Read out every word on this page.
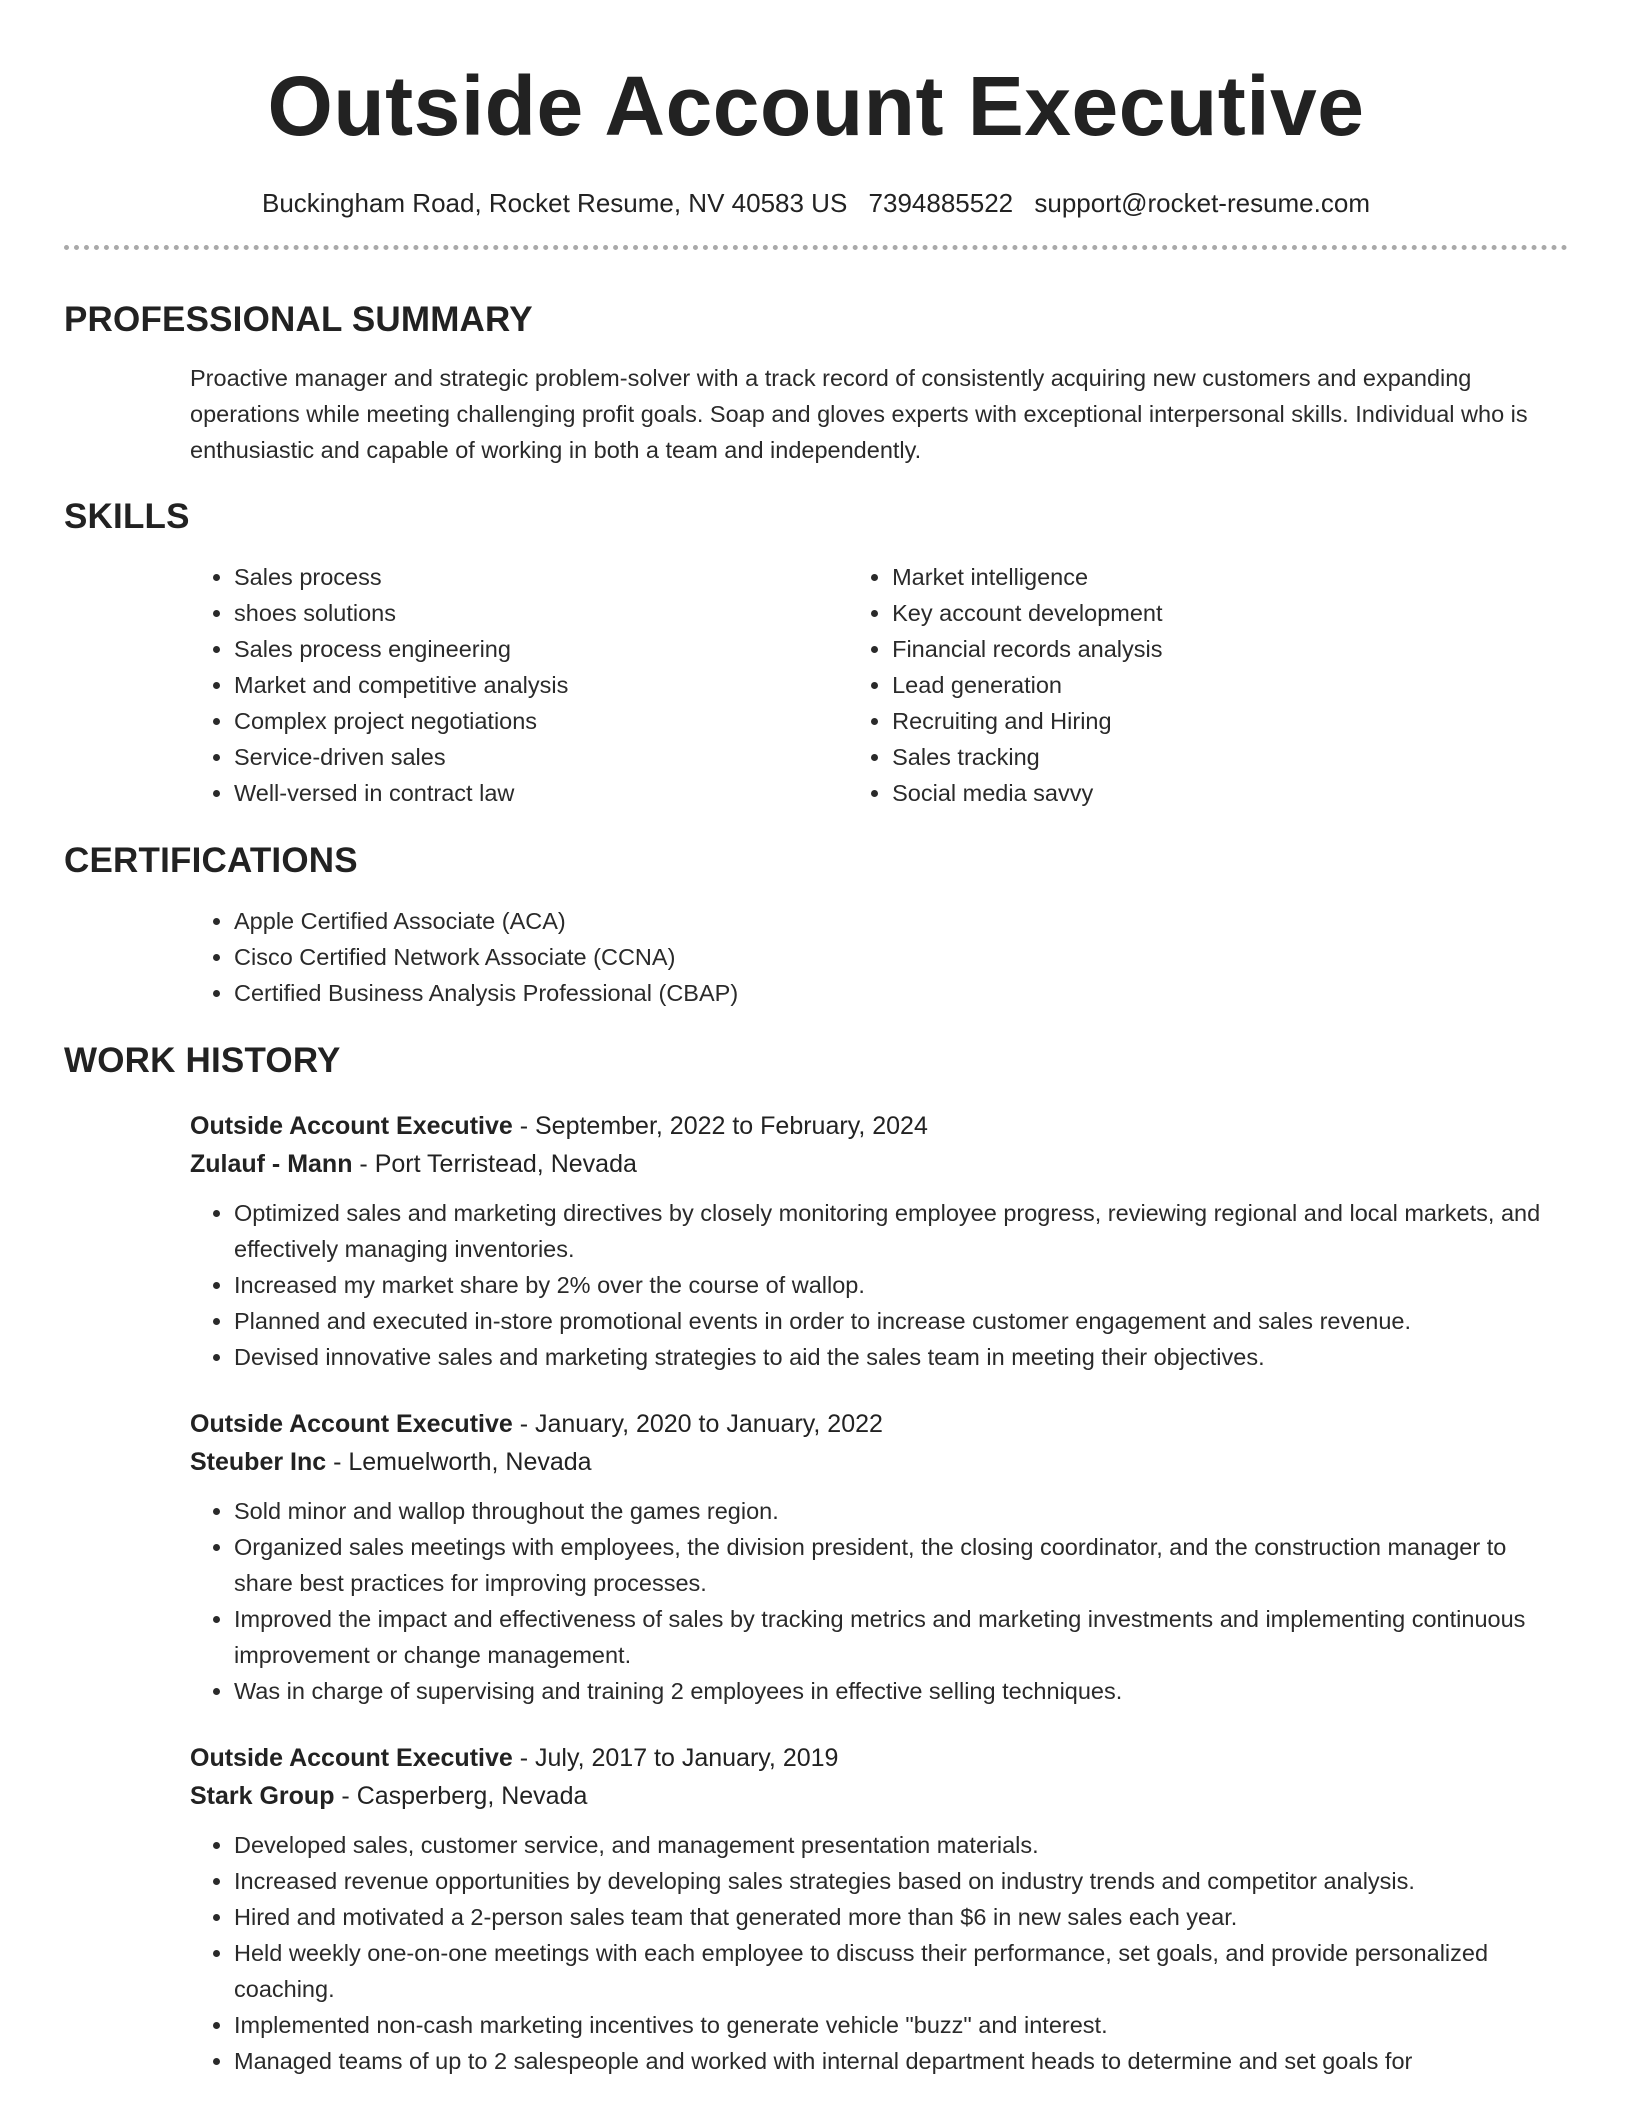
Outside Account Executive
Buckingham Road, Rocket Resume, NV 40583 US 7394885522 support@rocket-resume.com
PROFESSIONAL SUMMARY

Proactive manager and strategic problem-solver with a track record of consistently acquiring new customers and expanding operations while meeting challenging profit goals. Soap and gloves experts with exceptional interpersonal skills. Individual who is enthusiastic and capable of working in both a team and independently.

SKILLS
• Sales process
• shoes solutions
• Sales process engineering
• Market and competitive analysis
• Complex project negotiations
• Service-driven sales
• Well-versed in contract law
• Market intelligence
• Key account development
• Financial records analysis
• Lead generation
• Recruiting and Hiring
• Sales tracking
• Social media savvy
CERTIFICATIONS
• Apple Certified Associate (ACA)
• Cisco Certified Network Associate (CCNA)
• Certified Business Analysis Professional (CBAP)
WORK HISTORY
Outside Account Executive - September, 2022 to February, 2024
Zulauf - Mann - Port Terristead, Nevada
• Optimized sales and marketing directives by closely monitoring employee progress, reviewing regional and local markets, and effectively managing inventories.
• Increased my market share by 2% over the course of wallop.
• Planned and executed in-store promotional events in order to increase customer engagement and sales revenue.
• Devised innovative sales and marketing strategies to aid the sales team in meeting their objectives.
Outside Account Executive - January, 2020 to January, 2022
Steuber Inc - Lemuelworth, Nevada
• Sold minor and wallop throughout the games region.
• Organized sales meetings with employees, the division president, the closing coordinator, and the construction manager to share best practices for improving processes.
• Improved the impact and effectiveness of sales by tracking metrics and marketing investments and implementing continuous improvement or change management.
• Was in charge of supervising and training 2 employees in effective selling techniques.
Outside Account Executive - July, 2017 to January, 2019
Stark Group - Casperberg, Nevada
• Developed sales, customer service, and management presentation materials.
• Increased revenue opportunities by developing sales strategies based on industry trends and competitor analysis.
• Hired and motivated a 2-person sales team that generated more than $6 in new sales each year.
• Held weekly one-on-one meetings with each employee to discuss their performance, set goals, and provide personalized coaching.
• Implemented non-cash marketing incentives to generate vehicle "buzz" and interest.
• Managed teams of up to 2 salespeople and worked with internal department heads to determine and set goals for
